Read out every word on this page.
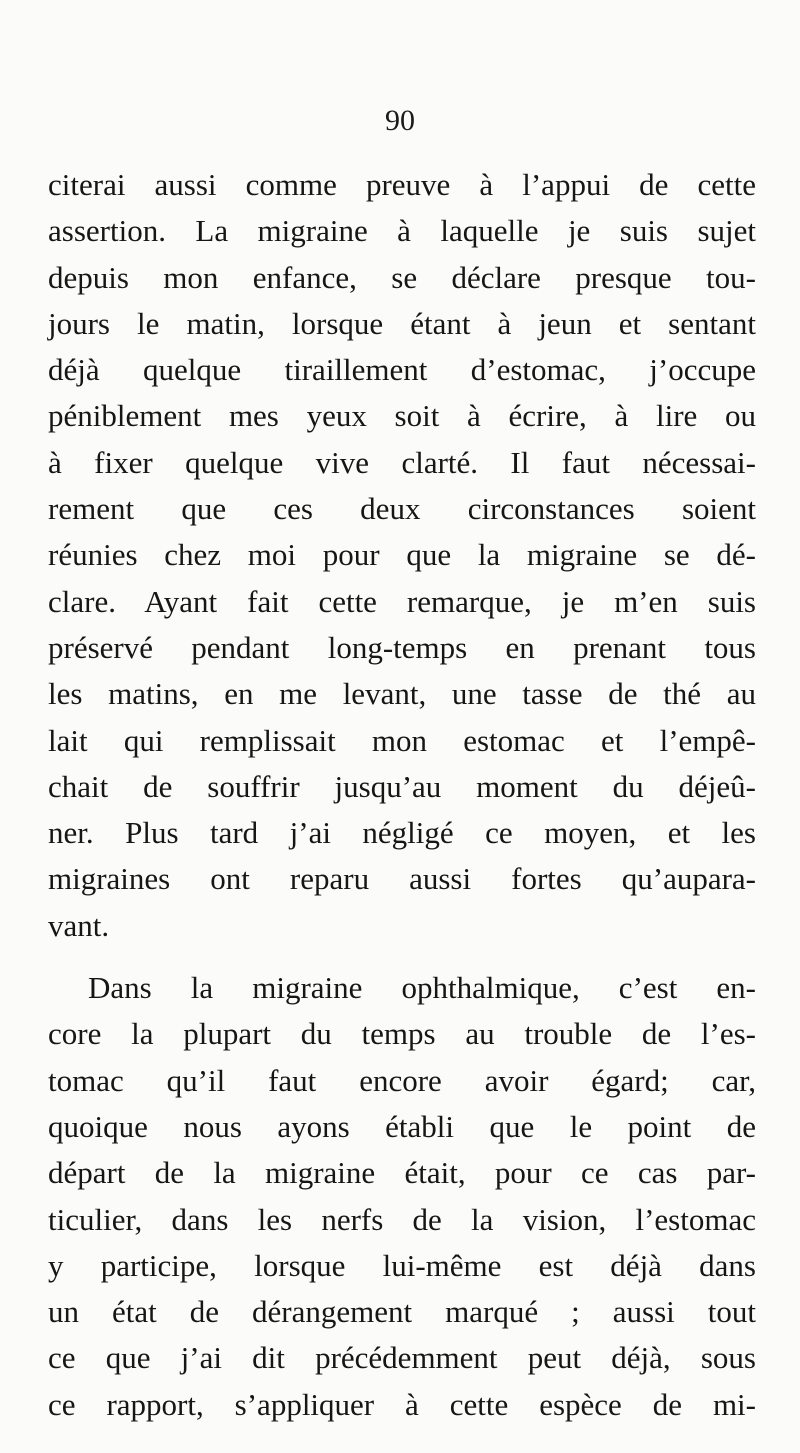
90
citerai aussi comme preuve à l’appui de cette
assertion. La migraine à laquelle je suis sujet
depuis mon enfance, se déclare presque tou-
jours le matin, lorsque étant à jeun et sentant
déjà quelque tiraillement d’estomac, j’occupe
péniblement mes yeux soit à écrire, à lire ou
à fixer quelque vive clarté. Il faut nécessai-
rement que ces deux circonstances soient
réunies chez moi pour que la migraine se dé-
clare. Ayant fait cette remarque, je m’en suis
préservé pendant long-temps en prenant tous
les matins, en me levant, une tasse de thé au
lait qui remplissait mon estomac et l’empê-
chait de souffrir jusqu’au moment du déjeû-
ner. Plus tard j’ai négligé ce moyen, et les
migraines ont reparu aussi fortes qu’aupara-
vant.
Dans la migraine ophthalmique, c’est en-
core la plupart du temps au trouble de l’es-
tomac qu’il faut encore avoir égard; car,
quoique nous ayons établi que le point de
départ de la migraine était, pour ce cas par-
ticulier, dans les nerfs de la vision, l’estomac
y participe, lorsque lui-même est déjà dans
un état de dérangement marqué ; aussi tout
ce que j’ai dit précédemment peut déjà, sous
ce rapport, s’appliquer à cette espèce de mi-
